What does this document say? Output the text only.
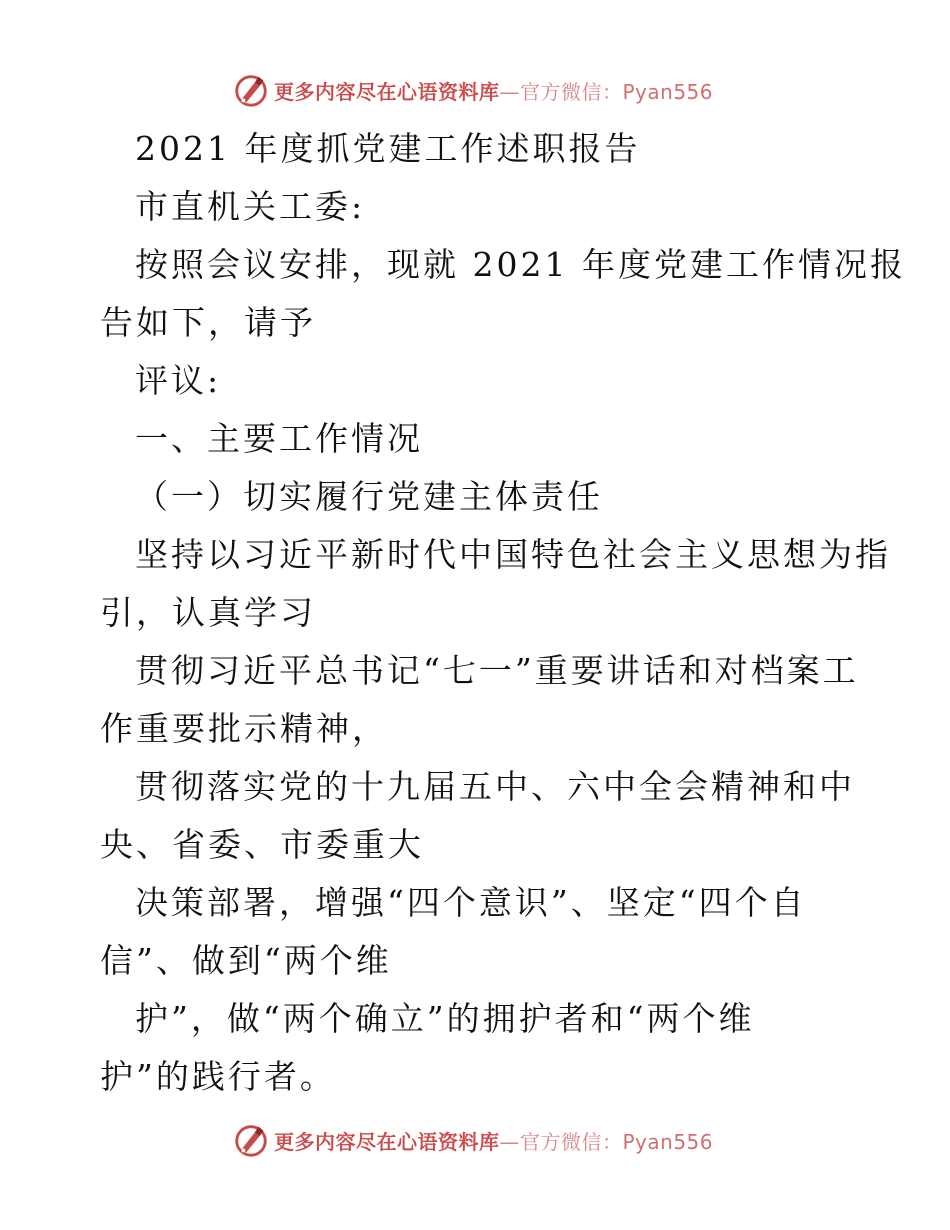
更多内容尽在心语资料库—官方微信：Pyan556
2021 年度抓党建工作述职报告
市直机关工委:
按照会议安排，现就 2021 年度党建工作情况报
告如下，请予
评议:
一、主要工作情况
（一）切实履行党建主体责任
坚持以习近平新时代中国特色社会主义思想为指
引，认真学习
贯彻习近平总书记“七一”重要讲话和对档案工
作重要批示精神，
贯彻落实党的十九届五中、六中全会精神和中
央、省委、市委重大
决策部署，增强“四个意识”、坚定“四个自
信”、做到“两个维
护”，做“两个确立”的拥护者和“两个维
护”的践行者。
更多内容尽在心语资料库—官方微信：Pyan556
